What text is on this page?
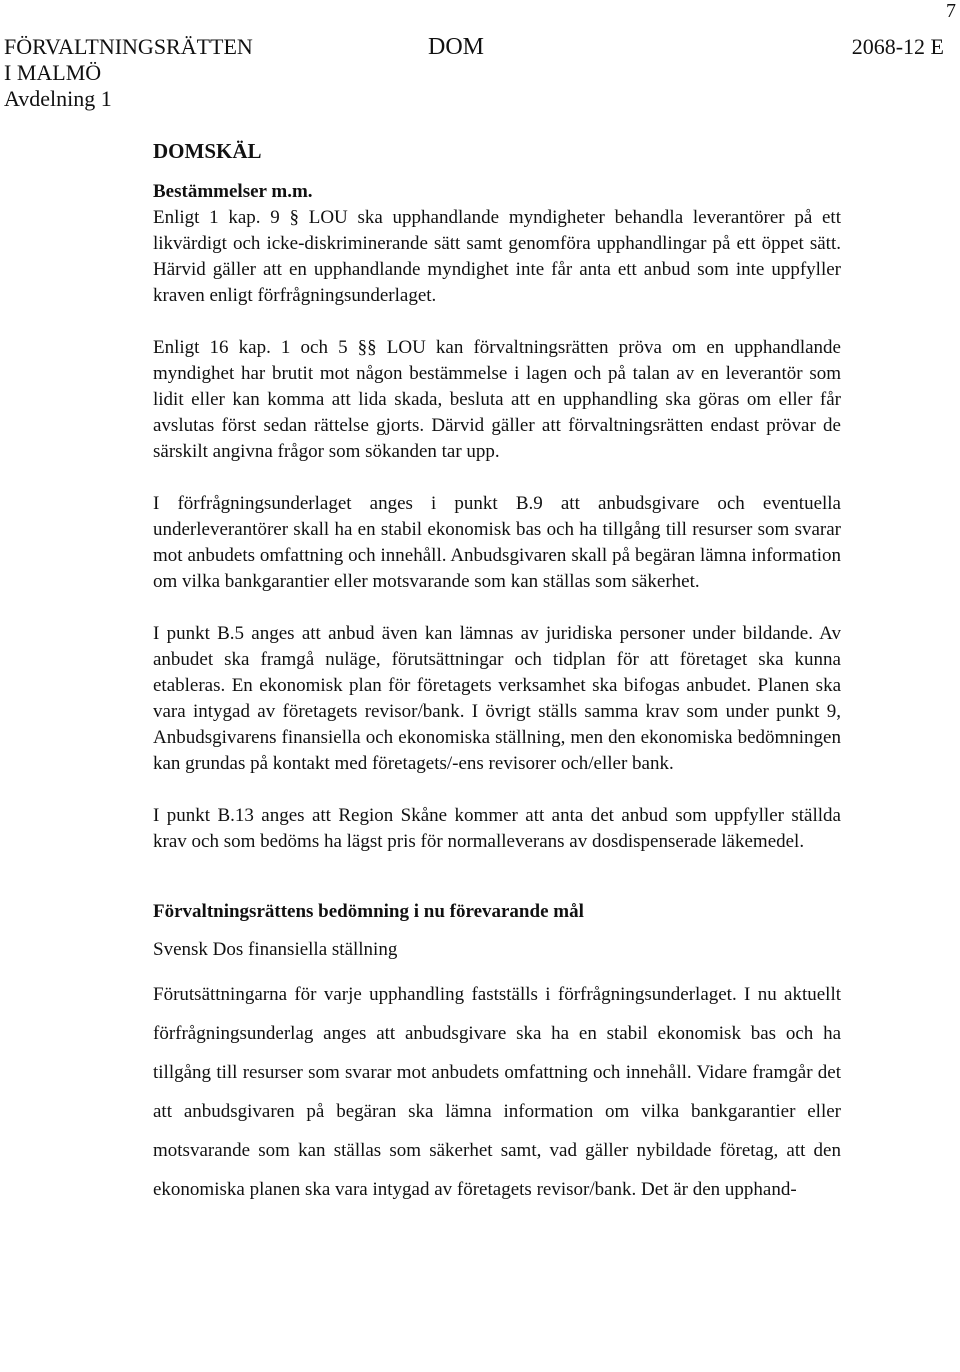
7
FÖRVALTNINGSRÄTTEN
I MALMÖ
Avdelning 1
DOM	2068-12 E
DOMSKÄL
Bestämmelser m.m.

Enligt 1 kap. 9 § LOU ska upphandlande myndigheter behandla leverantörer på ett likvärdigt och icke-diskriminerande sätt samt genomföra upphandlingar på ett öppet sätt. Härvid gäller att en upphandlande myndighet inte får anta ett anbud som inte uppfyller kraven enligt förfrågningsunderlaget.

Enligt 16 kap. 1 och 5 §§ LOU kan förvaltningsrätten pröva om en upphandlande myndighet har brutit mot någon bestämmelse i lagen och på talan av en leverantör som lidit eller kan komma att lida skada, besluta att en upphandling ska göras om eller får avslutas först sedan rättelse gjorts. Därvid gäller att förvaltningsrätten endast prövar de särskilt angivna frågor som sökanden tar upp.

I förfrågningsunderlaget anges i punkt B.9 att anbudsgivare och eventuella underleverantörer skall ha en stabil ekonomisk bas och ha tillgång till resurser som svarar mot anbudets omfattning och innehåll. Anbudsgivaren skall på begäran lämna information om vilka bankgarantier eller motsvarande som kan ställas som säkerhet.

I punkt B.5 anges att anbud även kan lämnas av juridiska personer under bildande. Av anbudet ska framgå nuläge, förutsättningar och tidplan för att företaget ska kunna etableras. En ekonomisk plan för företagets verksamhet ska bifogas anbudet. Planen ska vara intygad av företagets revisor/bank. I övrigt ställs samma krav som under punkt 9, Anbudsgivarens finansiella och ekonomiska ställning, men den ekonomiska bedömningen kan grundas på kontakt med företagets/-ens revisorer och/eller bank.

I punkt B.13 anges att Region Skåne kommer att anta det anbud som uppfyller ställda krav och som bedöms ha lägst pris för normalleverans av dosdispenserade läkemedel.

Förvaltningsrättens bedömning i nu förevarande mål
Svensk Dos finansiella ställning

Förutsättningarna för varje upphandling fastställs i förfrågningsunderlaget. I nu aktuellt förfrågningsunderlag anges att anbudsgivare ska ha en stabil ekonomisk bas och ha tillgång till resurser som svarar mot anbudets omfattning och innehåll. Vidare framgår det att anbudsgivaren på begäran ska lämna information om vilka bankgarantier eller motsvarande som kan ställas som säkerhet samt, vad gäller nybildade företag, att den ekonomiska planen ska vara intygad av företagets revisor/bank. Det är den upphand-
